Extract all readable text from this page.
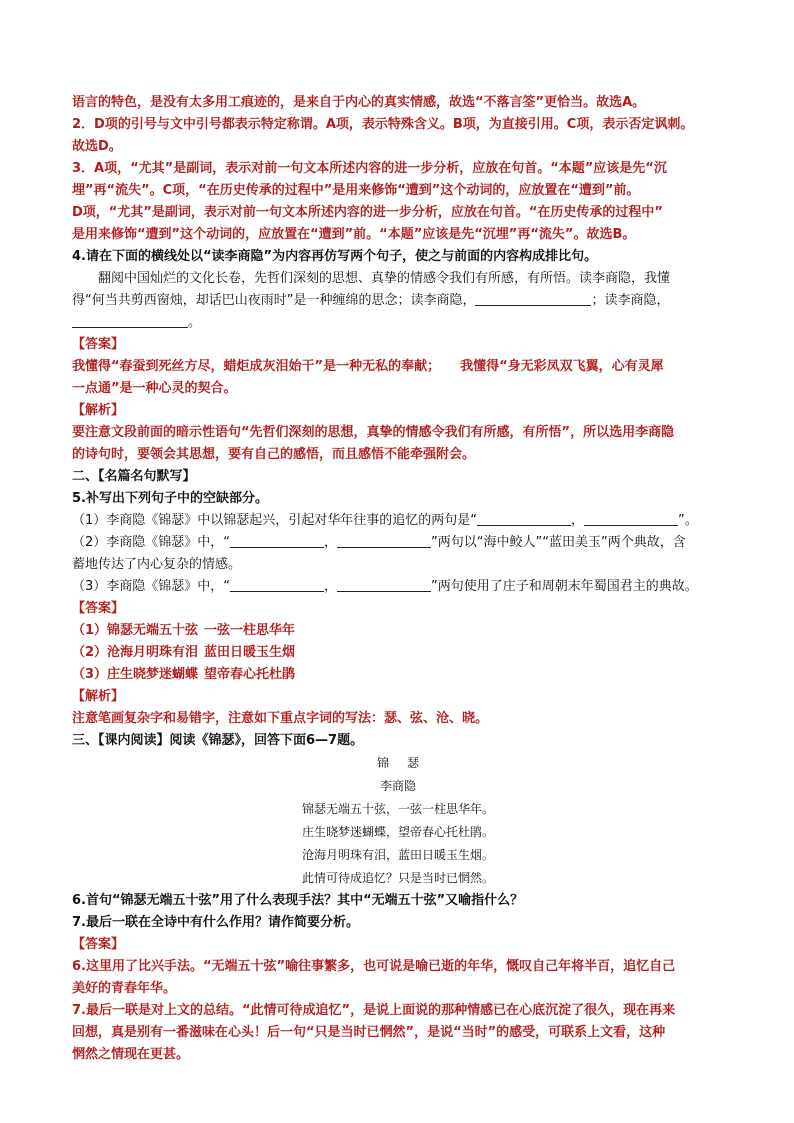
语言的特色，是没有太多用工痕迹的，是来自于内心的真实情感，故选“不落言筌”更恰当。故选A。
2．D项的引号与文中引号都表示特定称谓。A项，表示特殊含义。B项，为直接引用。C项，表示否定讽刺。
故选D。
3．A项，“尤其”是副词，表示对前一句文本所述内容的进一步分析，应放在句首。“本题”应该是先“沉
埋”再“流失”。C项，“在历史传承的过程中”是用来修饰“遭到”这个动词的，应放置在“遭到”前。
D项，“尤其”是副词，表示对前一句文本所述内容的进一步分析，应放在句首。“在历史传承的过程中”
是用来修饰“遭到”这个动词的，应放置在“遭到”前。“本题”应该是先“沉埋”再“流失”。故选B。
4.请在下面的横线处以“读李商隐”为内容再仿写两个句子，使之与前面的内容构成排比句。
翻阅中国灿烂的文化长卷，先哲们深刻的思想、真挚的情感令我们有所感，有所悟。读李商隐，我懂
得“何当共剪西窗烛，却话巴山夜雨时”是一种缠绵的思念；读李商隐，	；读李商隐，
。
【答案】
我懂得“春蚕到死丝方尽，蜡炬成灰泪始干”是一种无私的奉献； 我懂得“身无彩凤双飞翼，心有灵犀
一点通”是一种心灵的契合。
【解析】
要注意文段前面的暗示性语句“先哲们深刻的思想，真挚的情感令我们有所感，有所悟”，所以选用李商隐
的诗句时，要领会其思想，要有自己的感悟，而且感悟不能牵强附会。
二、【名篇名句默写】
5.补写出下列句子中的空缺部分。
（1）李商隐《锦瑟》中以锦瑟起兴，引起对华年往事的追忆的两句是“	，	”。
（2）李商隐《锦瑟》中，“	，	”两句以“海中鲛人”“蓝田美玉”两个典故，含
蓄地传达了内心复杂的情感。
（3）李商隐《锦瑟》中，“	，	”两句使用了庄子和周朝末年蜀国君主的典故。
【答案】
（1）锦瑟无端五十弦 一弦一柱思华年
（2）沧海月明珠有泪 蓝田日暖玉生烟
（3）庄生晓梦迷蝴蝶 望帝春心托杜鹃
【解析】
注意笔画复杂字和易错字，注意如下重点字词的写法：瑟、弦、沧、晓。
三、【课内阅读】阅读《锦瑟》，回答下面6—7题。
锦瑟
李商隐
锦瑟无端五十弦，一弦一柱思华年。
庄生晓梦迷蝴蝶，望帝春心托杜鹃。
沧海月明珠有泪，蓝田日暖玉生烟。
此情可待成追忆？只是当时已惘然。
6.首句“锦瑟无端五十弦”用了什么表现手法？其中“无端五十弦”又喻指什么？
7.最后一联在全诗中有什么作用？请作简要分析。
【答案】
6.这里用了比兴手法。“无端五十弦”喻往事繁多，也可说是喻已逝的年华，慨叹自己年将半百，追忆自己
美好的青春年华。
7.最后一联是对上文的总结。“此情可待成追忆”，是说上面说的那种情感已在心底沉淀了很久，现在再来
回想，真是别有一番滋味在心头！后一句“只是当时已惘然”，是说“当时”的感受，可联系上文看，这种
惘然之情现在更甚。
